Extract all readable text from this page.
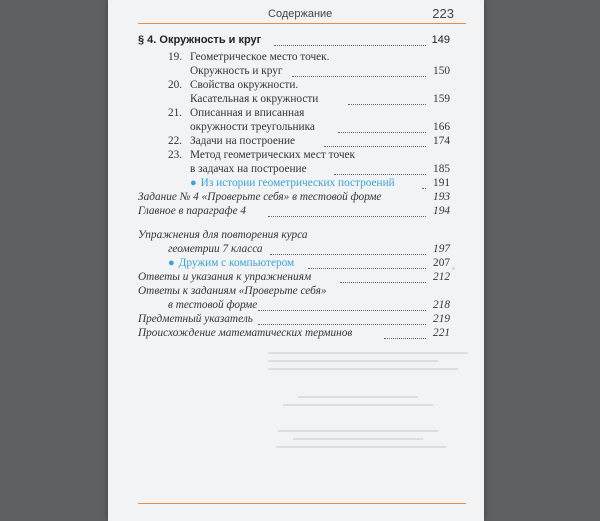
Содержание	223
§ 4. Окружность и круг	149
19. Геометрическое место точек.
Окружность и круг	150
20. Свойства окружности.
Касательная к окружности	159
21. Описанная и вписанная
окружности треугольника	166
22. Задачи на построение	174
23. Метод геометрических мест точек
в задачах на построение	185
● Из истории геометрических построений	191
Задание № 4 «Проверьте себя» в тестовой форме	193
Главное в параграфе 4	194
Упражнения для повторения курса
геометрии 7 класса	197
● Дружим с компьютером	207
Ответы и указания к упражнениям	212
Ответы к заданиям «Проверьте себя»
в тестовой форме	218
Предметный указатель	219
Происхождение математических терминов	221
